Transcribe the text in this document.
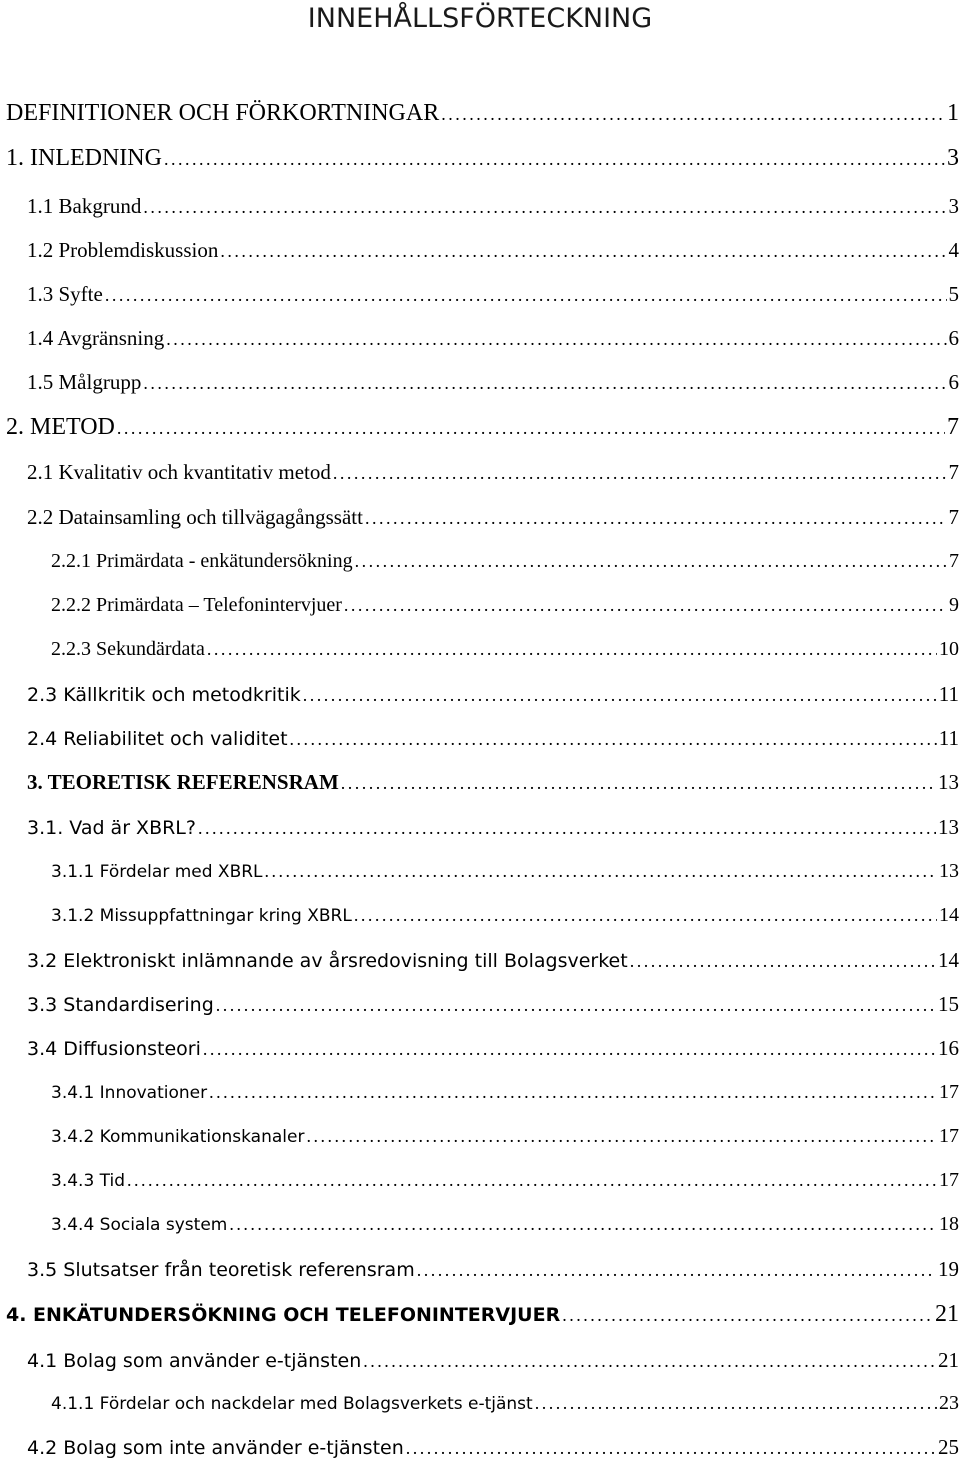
INNEHÅLLSFÖRTECKNING
DEFINITIONER OCH FÖRKORTNINGAR . . .	1
1. INLEDNING . . .	3
1.1 Bakgrund . . .	3
1.2 Problemdiskussion . . .	4
1.3 Syfte . . .	5
1.4 Avgränsning . . .	6
1.5 Målgrupp . . .	6
2. METOD . . .	7
2.1 Kvalitativ och kvantitativ metod . . .	7
2.2 Datainsamling och tillvägagångssätt . . .	7
2.2.1 Primärdata - enkätundersökning . . .	7
2.2.2 Primärdata – Telefonintervjuer . . .	9
2.2.3 Sekundärdata . . .	10
2.3 Källkritik och metodkritik . . .	11
2.4 Reliabilitet och validitet . . .	11
3. TEORETISK REFERENSRAM . . .	13
3.1. Vad är XBRL? . . .	13
3.1.1 Fördelar med XBRL . . .	13
3.1.2 Missuppfattningar kring XBRL . . .	14
3.2 Elektroniskt inlämnande av årsredovisning till Bolagsverket . . .	14
3.3 Standardisering . . .	15
3.4 Diffusionsteori . . .	16
3.4.1 Innovationer . . .	17
3.4.2 Kommunikationskanaler . . .	17
3.4.3 Tid . . .	17
3.4.4 Sociala system . . .	18
3.5 Slutsatser från teoretisk referensram . . .	19
4. ENKÄTUNDERSÖKNING OCH TELEFONINTERVJUER . . .	21
4.1 Bolag som använder e-tjänsten . . .	21
4.1.1 Fördelar och nackdelar med Bolagsverkets e-tjänst . . .	23
4.2 Bolag som inte använder e-tjänsten . . .	25
